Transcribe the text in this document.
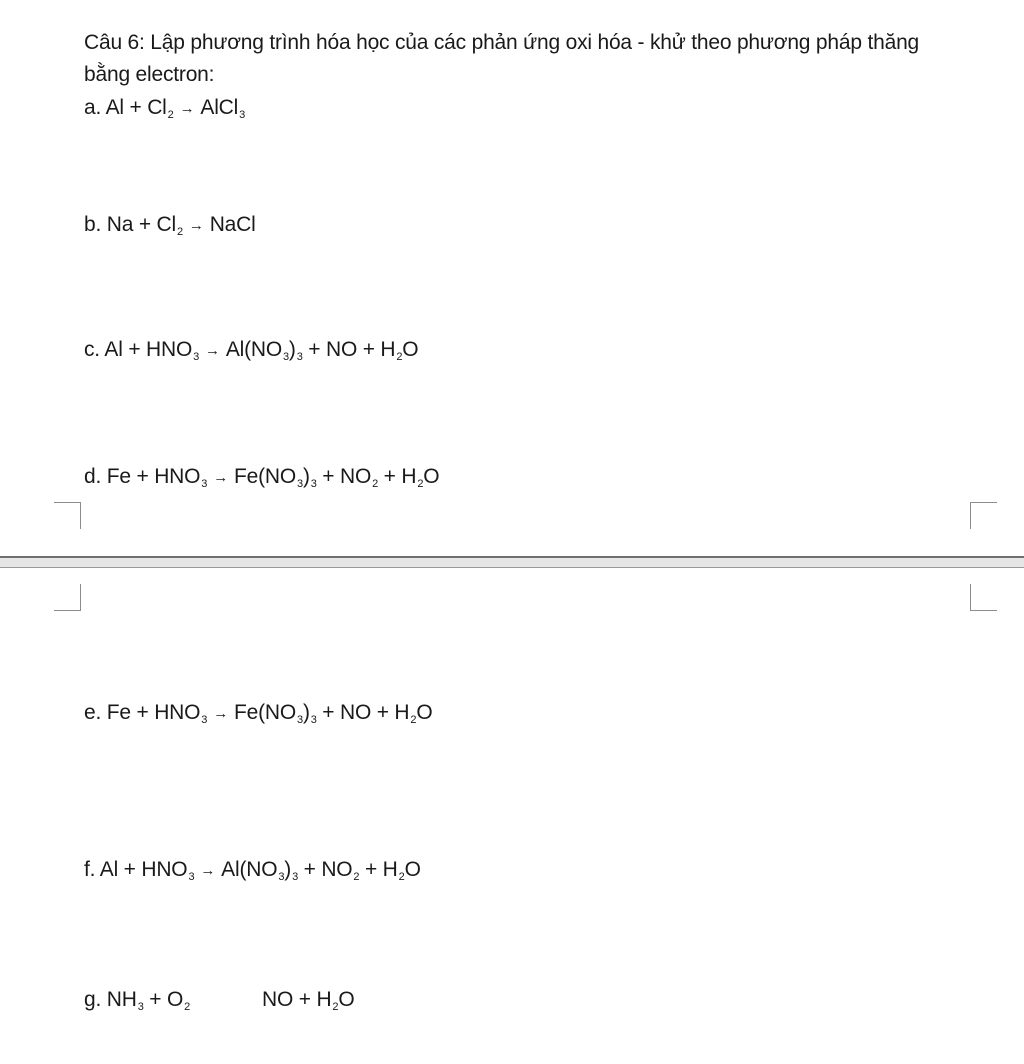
Câu 6: Lập phương trình hóa học của các phản ứng oxi hóa - khử theo phương pháp thăng
bằng electron:
a. Al + Cl2 → AlCl3
b. Na + Cl2 → NaCl
c. Al + HNO3 → Al(NO3)3 + NO + H2O
d. Fe + HNO3 → Fe(NO3)3 + NO2 + H2O
e. Fe + HNO3 → Fe(NO3)3 + NO + H2O
f. Al + HNO3 → Al(NO3)3 + NO2 + H2O
g. NH3 + O2	NO + H2O
